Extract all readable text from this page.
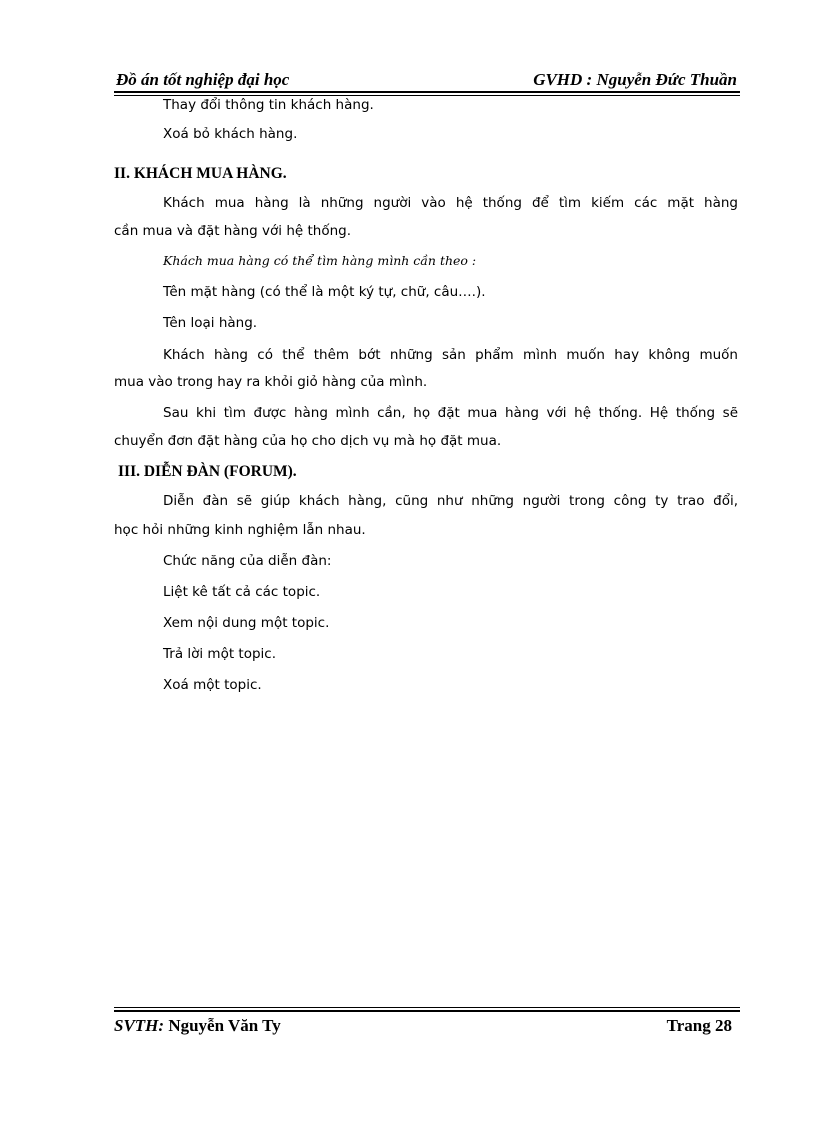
Đồ án tốt nghiệp đại học	GVHD : Nguyễn Đức Thuần
Thay đổi thông tin khách hàng.
Xoá bỏ khách hàng.
II. KHÁCH MUA HÀNG.
Khách mua hàng là những người vào hệ thống để tìm kiếm các mặt hàng
cần mua và đặt hàng với hệ thống.
Khách mua hàng có thể tìm hàng mình cần theo :
Tên mặt hàng (có thể là một ký tự, chữ, câu….).
Tên loại hàng.
Khách hàng có thể thêm bớt những sản phẩm mình muốn hay không muốn
mua vào trong hay ra khỏi giỏ hàng của mình.
Sau khi tìm được hàng mình cần, họ đặt mua hàng với hệ thống. Hệ thống sẽ
chuyển đơn đặt hàng của họ cho dịch vụ mà họ đặt mua.
III. DIỄN ĐÀN (FORUM).
Diễn đàn sẽ giúp khách hàng, cũng như những người trong công ty trao đổi,
học hỏi những kinh nghiệm lẫn nhau.
Chức năng của diễn đàn:
Liệt kê tất cả các topic.
Xem nội dung một topic.
Trả lời một topic.
Xoá một topic.
SVTH: Nguyễn Văn Ty	Trang 28
